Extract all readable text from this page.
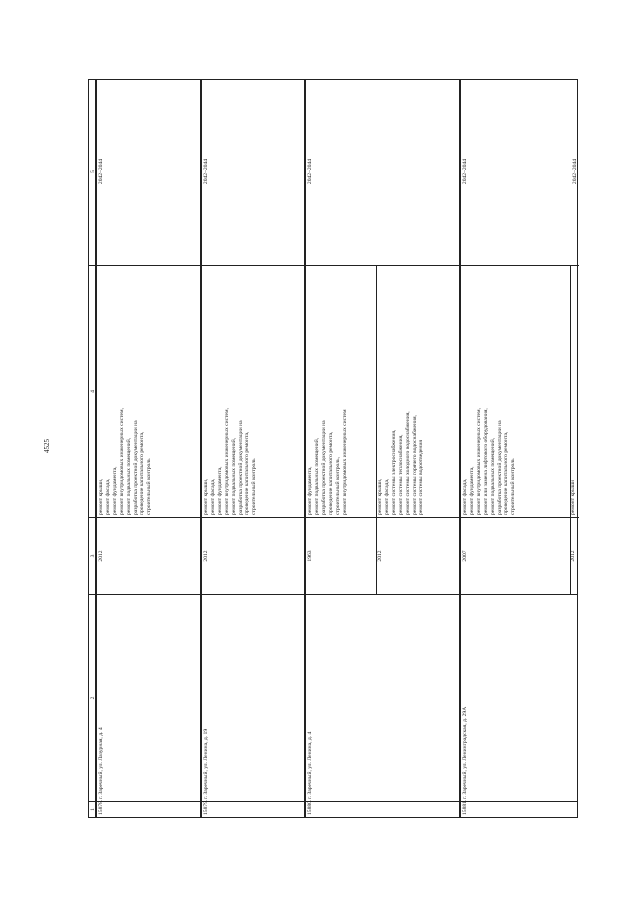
4525
1
2
3
4
5
15878.
г. Заречный, ул. Лазурная, д. 4
2012
ремонт крыши, ремонт фасада, ремонт фундамента, ремонт внутридомовых инженерных систем, ремонт подвальных помещений, разработка проектной документации на проведение капитального ремонта, строительный контроль
2042–2044
15879.
г. Заречный, ул. Ленина, д. 19
2012
ремонт крыши, ремонт фасада, ремонт фундамента, ремонт внутридомовых инженерных систем, ремонт подвальных помещений, разработка проектной документации на проведение капитального ремонта, строительный контроль
2042–2044
15880.
г. Заречный, ул. Ленина, д. 4
1963
ремонт фундамента, ремонт подвальных помещений, разработка проектной документации на проведение капитального ремонта, строительный контроль, ремонт внутридомовых инженерных систем
2012
ремонт крыши, ремонт фасада, ремонт системы электроснабжения, ремонт системы теплоснабжения, ремонт системы холодного водоснабжения, ремонт системы горячего водоснабжения, ремонт системы водоотведения
2042–2044
15881.
г. Заречный, ул. Ленинградская, д. 29А
2007
ремонт фасада, ремонт фундамента, ремонт внутридомовых инженерных систем, ремонт или замена лифтового оборудования, ремонт подвальных помещений, разработка проектной документации на проведение капитального ремонта, строительный контроль
2012
ремонт крыши
2042–2044	2042–2044
